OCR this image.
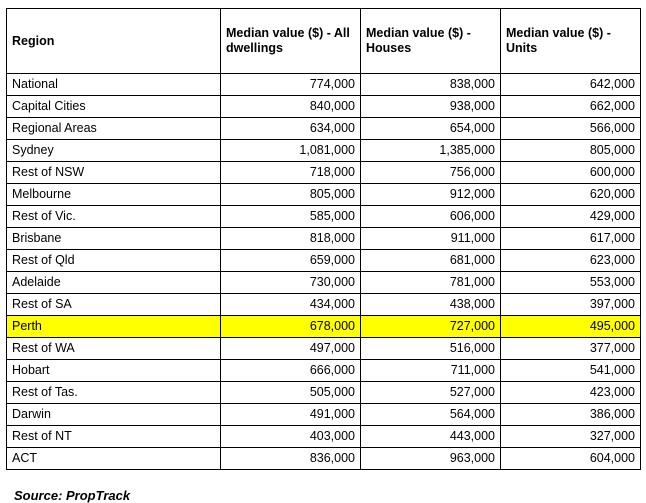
Region	Median value ($) - All dwellings	Median value ($) - Houses	Median value ($) - Units
National	774,000	838,000	642,000
Capital Cities	840,000	938,000	662,000
Regional Areas	634,000	654,000	566,000
Sydney	1,081,000	1,385,000	805,000
Rest of NSW	718,000	756,000	600,000
Melbourne	805,000	912,000	620,000
Rest of Vic.	585,000	606,000	429,000
Brisbane	818,000	911,000	617,000
Rest of Qld	659,000	681,000	623,000
Adelaide	730,000	781,000	553,000
Rest of SA	434,000	438,000	397,000
Perth	678,000	727,000	495,000
Rest of WA	497,000	516,000	377,000
Hobart	666,000	711,000	541,000
Rest of Tas.	505,000	527,000	423,000
Darwin	491,000	564,000	386,000
Rest of NT	403,000	443,000	327,000
ACT	836,000	963,000	604,000
Source: PropTrack
